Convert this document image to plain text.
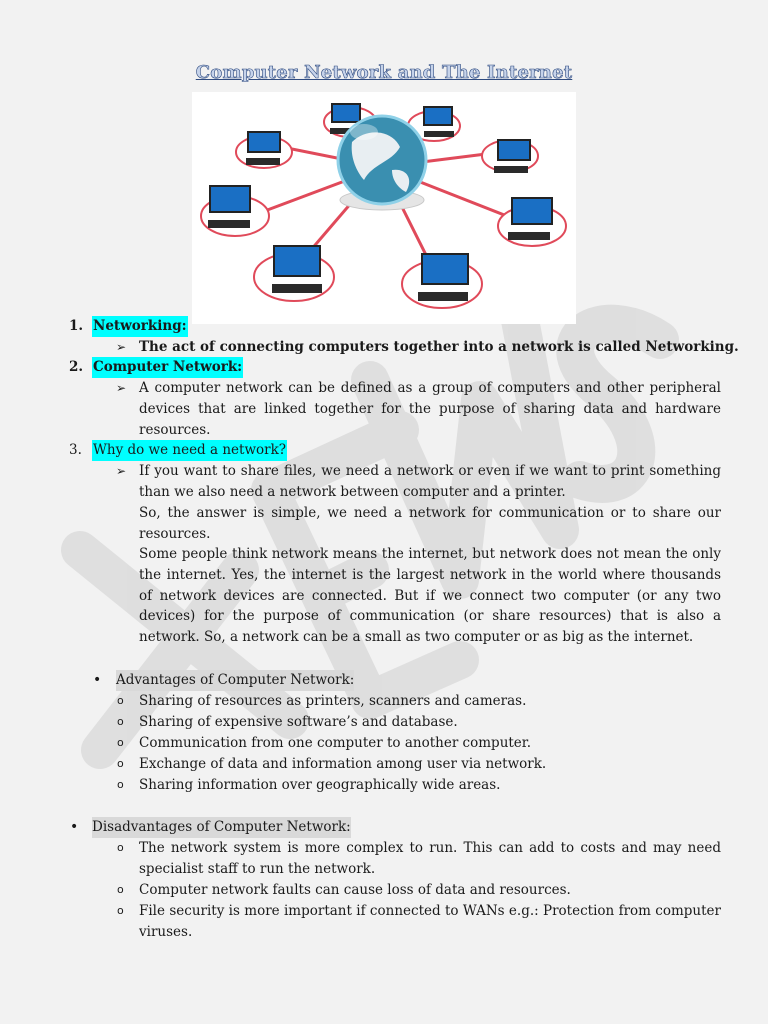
Computer Network and The Internet
1. Networking:
➢ The act of connecting computers together into a network is called Networking.
2. Computer Network:
➢ A computer network can be defined as a group of computers and other peripheral devices that are linked together for the purpose of sharing data and hardware resources.
3. Why do we need a network?
➢ If you want to share files, we need a network or even if we want to print something than we also need a network between computer and a printer.
So, the answer is simple, we need a network for communication or to share our resources.
Some people think network means the internet, but network does not mean the only the internet. Yes, the internet is the largest network in the world where thousands of network devices are connected. But if we connect two computer (or any two devices) for the purpose of communication (or share resources) that is also a network. So, a network can be a small as two computer or as big as the internet.
• Advantages of Computer Network:
o Sharing of resources as printers, scanners and cameras.
o Sharing of expensive software’s and database.
o Communication from one computer to another computer.
o Exchange of data and information among user via network.
o Sharing information over geographically wide areas.
• Disadvantages of Computer Network:
o The network system is more complex to run. This can add to costs and may need specialist staff to run the network.
o Computer network faults can cause loss of data and resources.
o File security is more important if connected to WANs e.g.: Protection from computer viruses.
